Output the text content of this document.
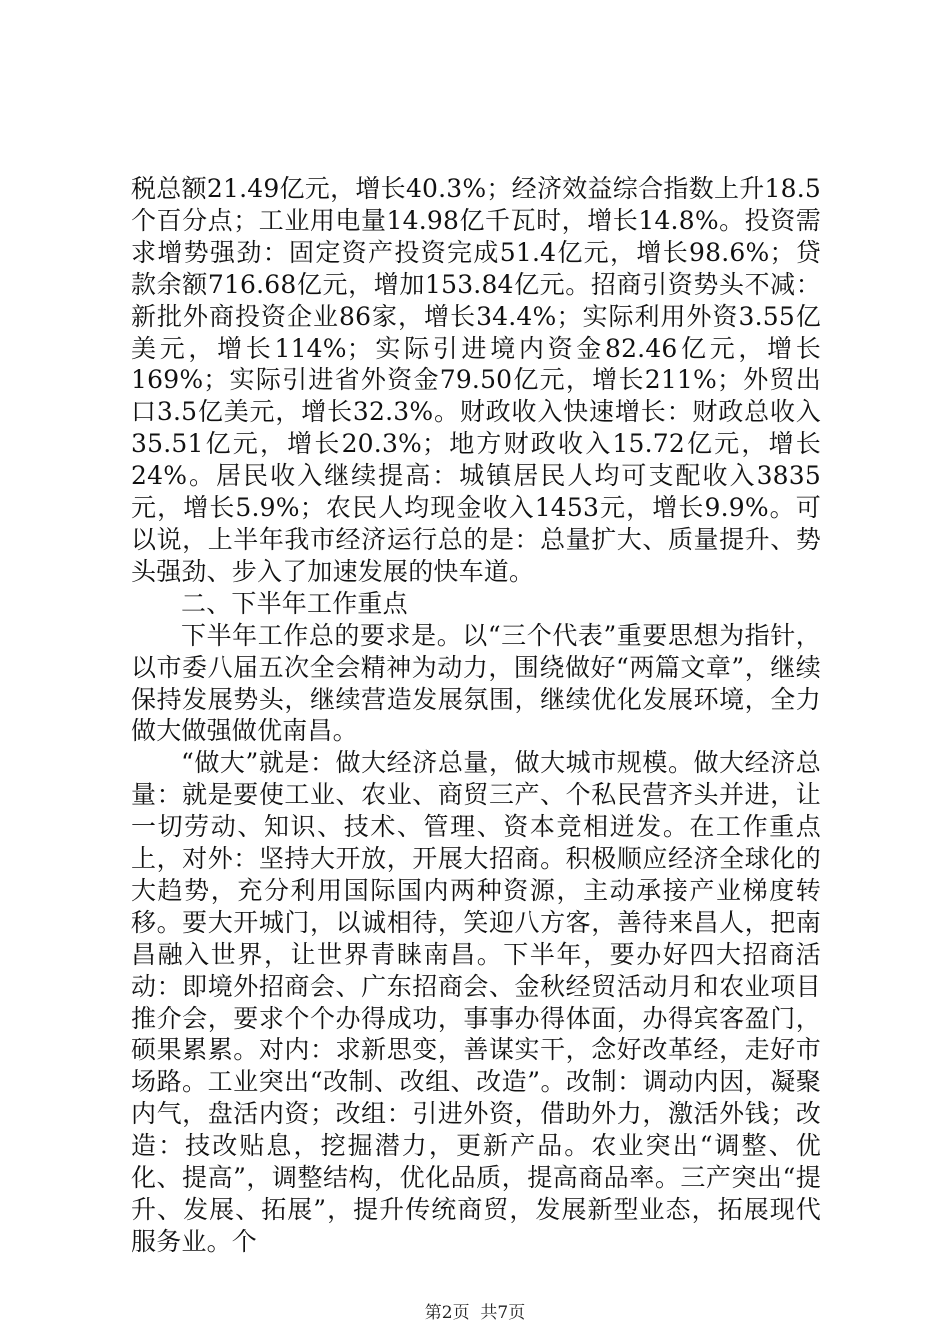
税总额21.49亿元，增长40.3%；经济效益综合指数上升18.5个百分点；工业用电量14.98亿千瓦时，增长14.8%。投资需求增势强劲：固定资产投资完成51.4亿元，增长98.6%；贷款余额716.68亿元，增加153.84亿元。招商引资势头不减：新批外商投资企业86家，增长34.4%；实际利用外资3.55亿美元，增长114%；实际引进境内资金82.46亿元，增长169%；实际引进省外资金79.50亿元，增长211%；外贸出口3.5亿美元，增长32.3%。财政收入快速增长：财政总收入35.51亿元，增长20.3%；地方财政收入15.72亿元，增长24%。居民收入继续提高：城镇居民人均可支配收入3835元，增长5.9%；农民人均现金收入1453元，增长9.9%。可以说，上半年我市经济运行总的是：总量扩大、质量提升、势头强劲、步入了加速发展的快车道。

二、下半年工作重点

下半年工作总的要求是。以“三个代表”重要思想为指针，以市委八届五次全会精神为动力，围绕做好“两篇文章”，继续保持发展势头，继续营造发展氛围，继续优化发展环境，全力做大做强做优南昌。

“做大”就是：做大经济总量，做大城市规模。做大经济总量：就是要使工业、农业、商贸三产、个私民营齐头并进，让一切劳动、知识、技术、管理、资本竞相迸发。在工作重点上，对外：坚持大开放，开展大招商。积极顺应经济全球化的大趋势，充分利用国际国内两种资源，主动承接产业梯度转移。要大开城门，以诚相待，笑迎八方客，善待来昌人，把南昌融入世界，让世界青睐南昌。下半年，要办好四大招商活动：即境外招商会、广东招商会、金秋经贸活动月和农业项目推介会，要求个个办得成功，事事办得体面，办得宾客盈门，硕果累累。对内：求新思变，善谋实干，念好改革经，走好市场路。工业突出“改制、改组、改造”。改制：调动内因，凝聚内气，盘活内资；改组：引进外资，借助外力，激活外钱；改造：技改贴息，挖掘潜力，更新产品。农业突出“调整、优化、提高”，调整结构，优化品质，提高商品率。三产突出“提升、发展、拓展”，提升传统商贸，发展新型业态，拓展现代服务业。个

第2页  共7页
